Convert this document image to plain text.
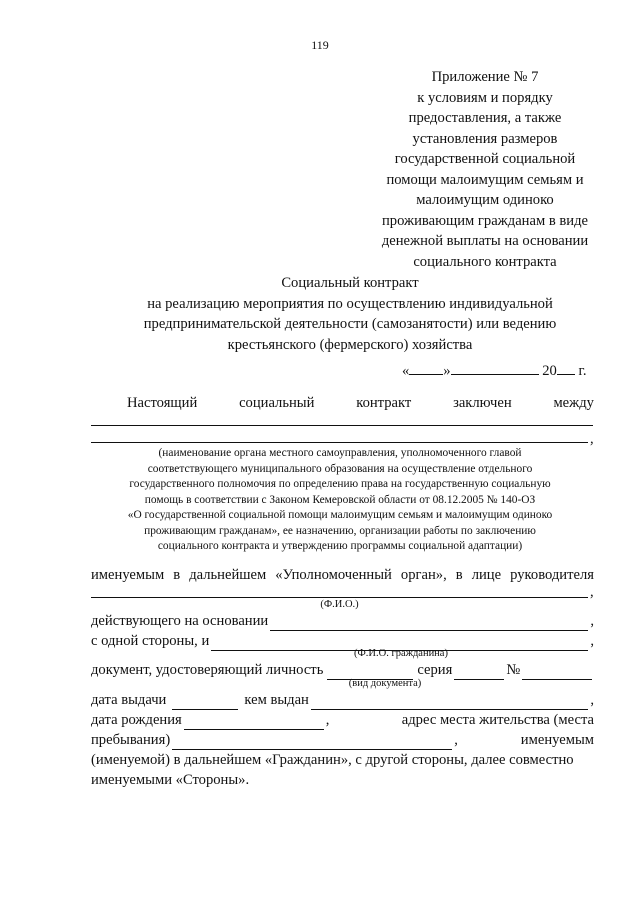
119
Приложение № 7
к условиям и порядку
предоставления, а также
установления размеров
государственной социальной
помощи малоимущим семьям и
малоимущим одиноко
проживающим гражданам в виде
денежной выплаты на основании
социального контракта
Социальный контракт
на реализацию мероприятия по осуществлению индивидуальной
предпринимательской деятельности (самозанятости) или ведению
крестьянского (фермерского) хозяйства
« »	20 г.
Настоящий	социальный	контракт	заключен	между
,
(наименование органа местного самоуправления, уполномоченного главой
соответствующего муниципального образования на осуществление отдельного
государственного полномочия по определению права на государственную социальную
помощь в соответствии с Законом Кемеровской области от 08.12.2005 № 140-ОЗ
«О государственной социальной помощи малоимущим семьям и малоимущим одиноко
проживающим гражданам», ее назначению, организации работы по заключению
социального контракта и утверждению программы социальной адаптации)
именуемым в дальнейшем «Уполномоченный орган», в лице руководителя
,
(Ф.И.О.)
действующего на основании	,
с одной стороны, и	,
(Ф.И.О. гражданина)
документ, удостоверяющий личность	серия	№
(вид документа)
дата выдачи	кем выдан	,
дата рождения	,	адрес места жительства (места
пребывания)	,	именуемым
(именуемой) в дальнейшем «Гражданин», с другой стороны, далее совместно
именуемыми «Стороны».
